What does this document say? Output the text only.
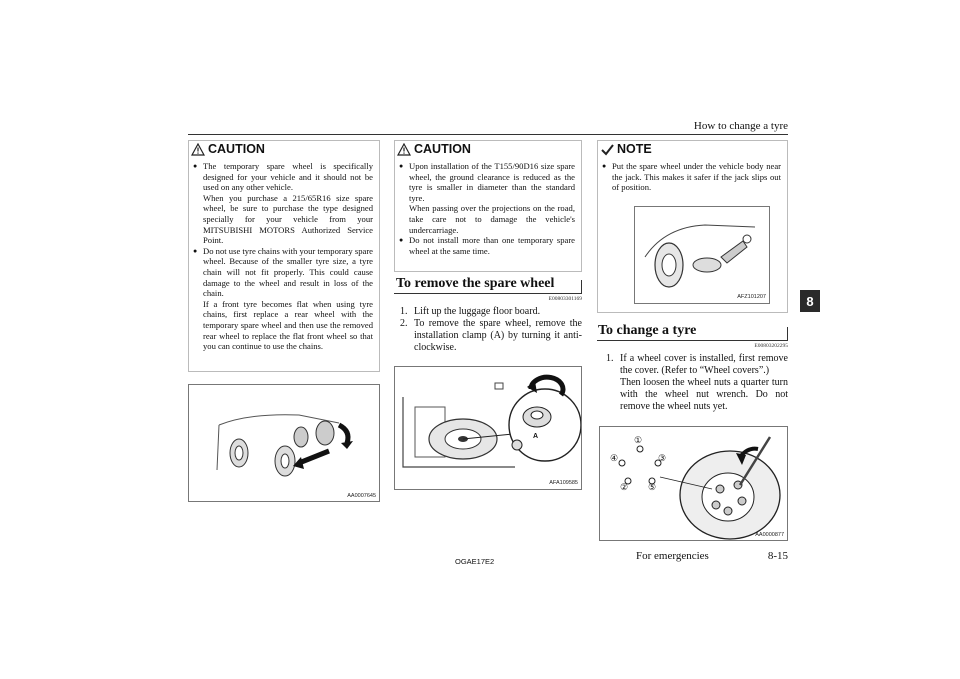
How to change a tyre
8
CAUTION
● The temporary spare wheel is specifically designed for your vehicle and it should not be used on any other vehicle.

When you purchase a 215/65R16 size spare wheel, be sure to purchase the type designed specially for your vehicle from your MITSUBISHI MOTORS Authorized Service Point.

● Do not use tyre chains with your temporary spare wheel. Because of the smaller tyre size, a tyre chain will not fit properly. This could cause damage to the wheel and result in loss of the chain.

If a front tyre becomes flat when using tyre chains, first replace a rear wheel with the temporary spare wheel and then use the removed rear wheel to replace the flat front wheel so that you can continue to use the chains.

AA0007645
CAUTION
● Upon installation of the T155/90D16 size spare wheel, the ground clearance is reduced as the tyre is smaller in diameter than the standard tyre.

When passing over the projections on the road, take care not to damage the vehicle's undercarriage.

● Do not install more than one temporary spare wheel at the same time.

To remove the spare wheel
E00803301169
1. Lift up the luggage floor board.

2. To remove the spare wheel, remove the installation clamp (A) by turning it anti-clockwise.

A
AFA109585
NOTE
● Put the spare wheel under the vehicle body near the jack. This makes it safer if the jack slips out of position.

AFZ101207
To change a tyre
E00803202295
1. If a wheel cover is installed, first remove the cover. (Refer to “Wheel covers”.)

Then loosen the wheel nuts a quarter turn with the wheel nut wrench. Do not remove the wheel nuts yet.

①
②
③
④
⑤
AA0000877
OGAE17E2	For emergencies	8-15
